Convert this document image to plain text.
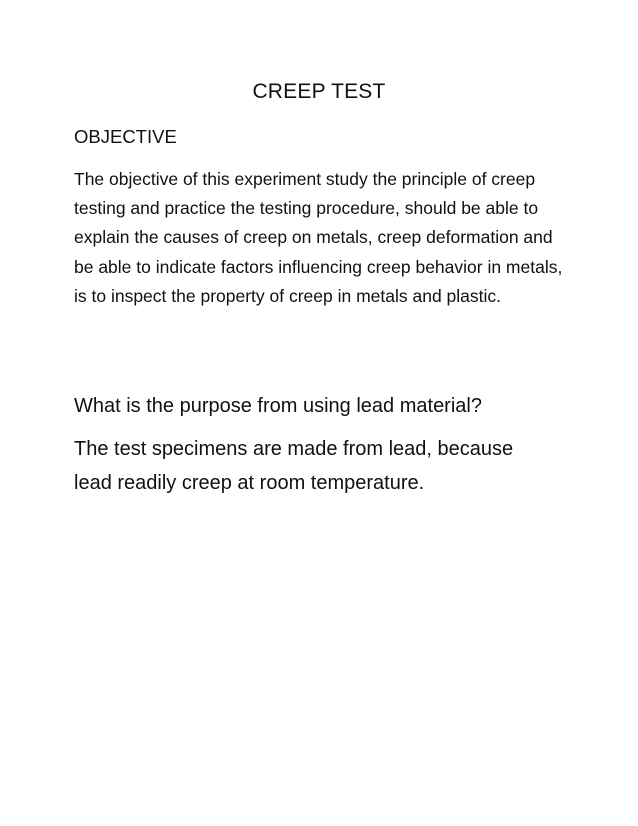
CREEP TEST
OBJECTIVE

The objective of this experiment study the principle of creep testing and practice the testing procedure, should be able to explain the causes of creep on metals, creep deformation and be able to indicate factors influencing creep behavior in metals, is to inspect the property of creep in metals and plastic.

What is the purpose from using lead material?

The test specimens are made from lead, because lead readily creep at room temperature.
